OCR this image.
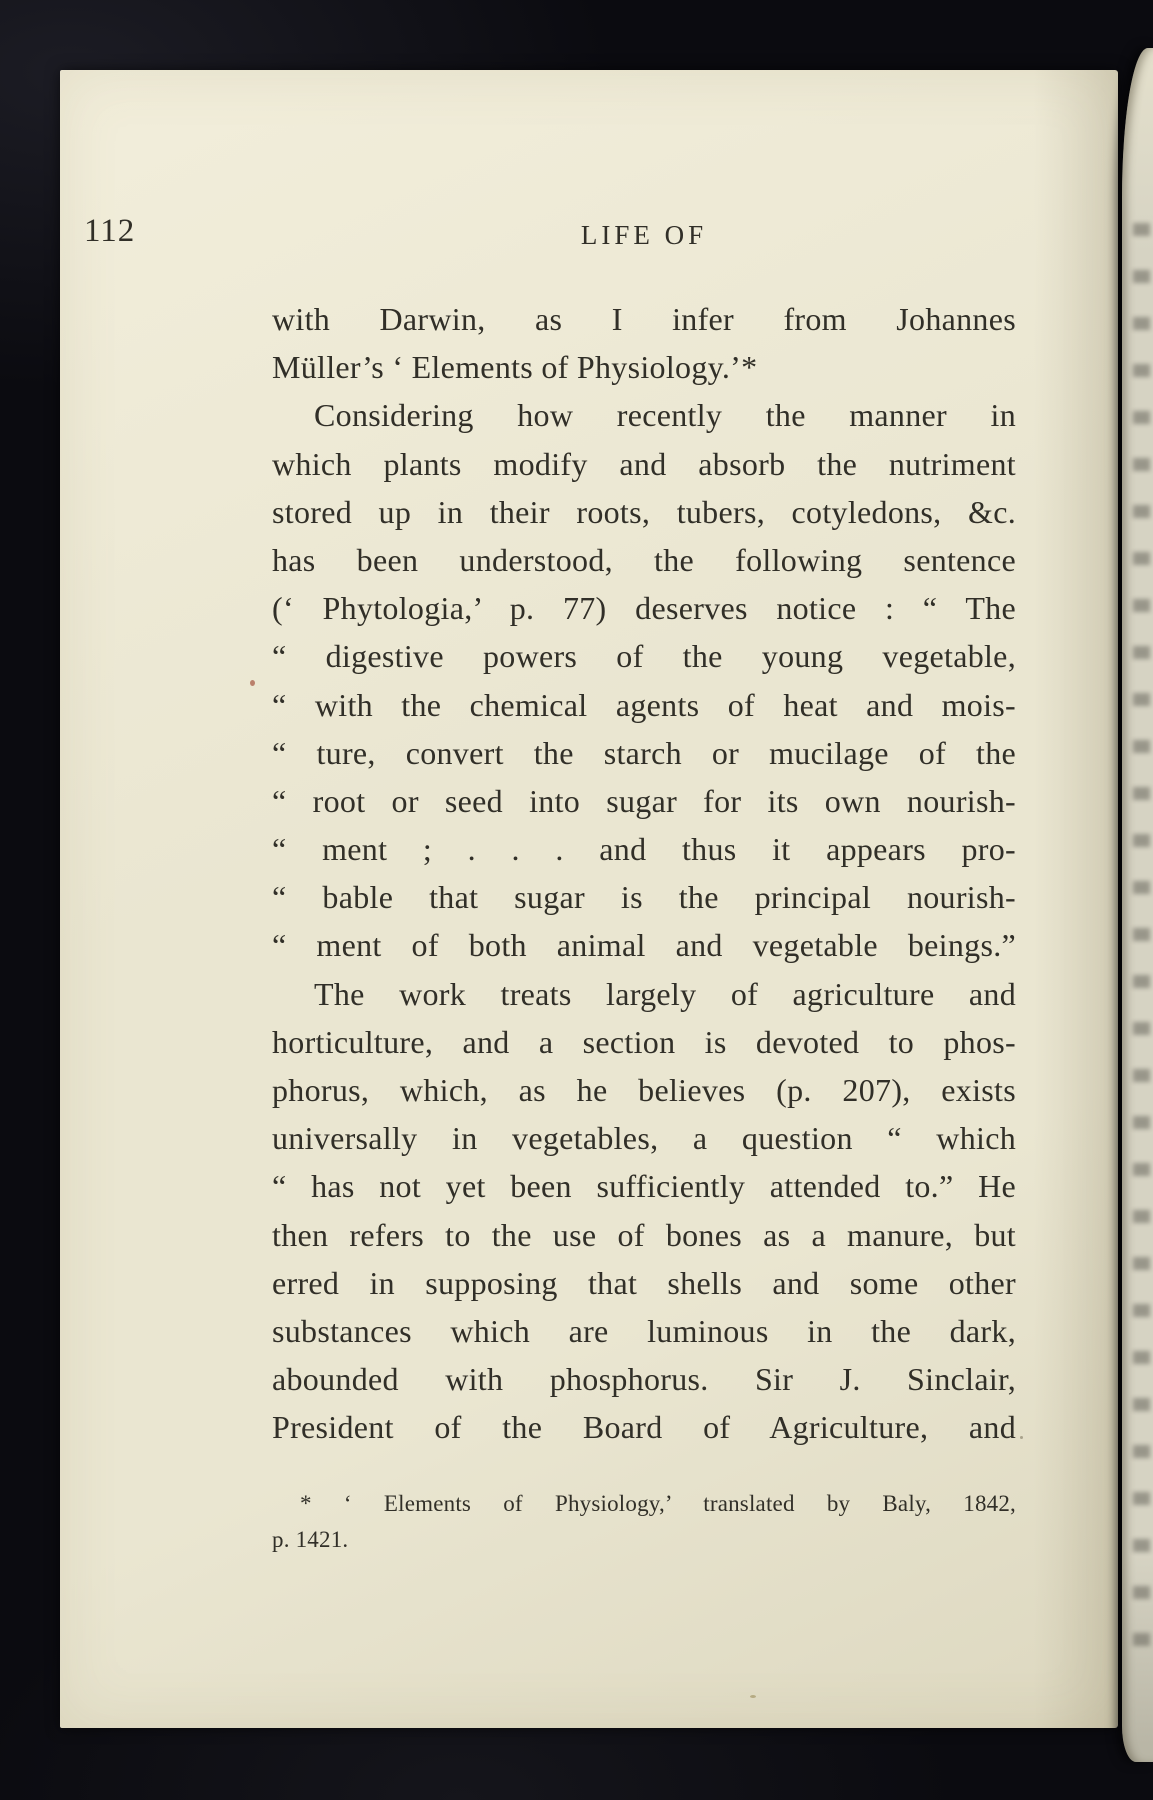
112	LIFE OF
with Darwin, as I infer from Johannes
Müller’s ‘ Elements of Physiology.’*
Considering how recently the manner in
which plants modify and absorb the nutriment
stored up in their roots, tubers, cotyledons, &c.
has been understood, the following sentence
(‘ Phytologia,’ p. 77) deserves notice : “ The
“ digestive powers of the young vegetable,
“ with the chemical agents of heat and mois-
“ ture, convert the starch or mucilage of the
“ root or seed into sugar for its own nourish-
“ ment ; . . . and thus it appears pro-
“ bable that sugar is the principal nourish-
“ ment of both animal and vegetable beings.”
The work treats largely of agriculture and
horticulture, and a section is devoted to phos-
phorus, which, as he believes (p. 207), exists
universally in vegetables, a question “ which
“ has not yet been sufficiently attended to.” He
then refers to the use of bones as a manure, but
erred in supposing that shells and some other
substances which are luminous in the dark,
abounded with phosphorus. Sir J. Sinclair,
President of the Board of Agriculture, and
* ‘ Elements of Physiology,’ translated by Baly, 1842,
p. 1421.
